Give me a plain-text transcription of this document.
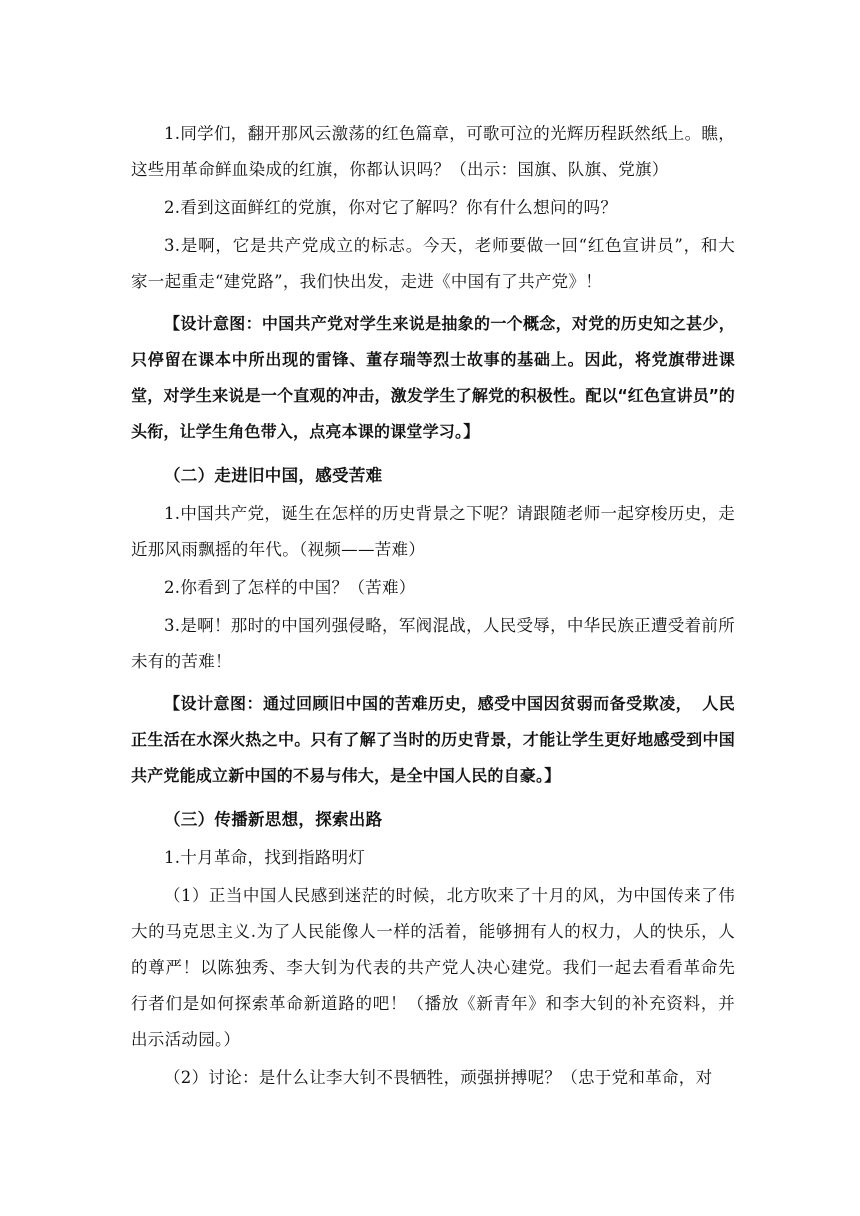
1.同学们，翻开那风云激荡的红色篇章，可歌可泣的光辉历程跃然纸上。瞧，这些用革命鲜血染成的红旗，你都认识吗？（出示：国旗、队旗、党旗）

2.看到这面鲜红的党旗，你对它了解吗？你有什么想问的吗？

3.是啊，它是共产党成立的标志。今天，老师要做一回“红色宣讲员”，和大家一起重走“建党路”，我们快出发，走进《中国有了共产党》！

【设计意图：中国共产党对学生来说是抽象的一个概念，对党的历史知之甚少，只停留在课本中所出现的雷锋、董存瑞等烈士故事的基础上。因此，将党旗带进课堂，对学生来说是一个直观的冲击，激发学生了解党的积极性。配以“红色宣讲员”的头衔，让学生角色带入，点亮本课的课堂学习。】

（二）走进旧中国，感受苦难

1.中国共产党，诞生在怎样的历史背景之下呢？请跟随老师一起穿梭历史，走近那风雨飘摇的年代。（视频——苦难）

2.你看到了怎样的中国？（苦难）

3.是啊！那时的中国列强侵略，军阀混战，人民受辱，中华民族正遭受着前所未有的苦难！

【设计意图：通过回顾旧中国的苦难历史，感受中国因贫弱而备受欺凌， 人民正生活在水深火热之中。只有了解了当时的历史背景，才能让学生更好地感受到中国共产党能成立新中国的不易与伟大，是全中国人民的自豪。】

（三）传播新思想，探索出路

1.十月革命，找到指路明灯

（1）正当中国人民感到迷茫的时候，北方吹来了十月的风，为中国传来了伟大的马克思主义.为了人民能像人一样的活着，能够拥有人的权力，人的快乐，人的尊严！以陈独秀、李大钊为代表的共产党人决心建党。我们一起去看看革命先行者们是如何探索革命新道路的吧！（播放《新青年》和李大钊的补充资料，并出示活动园。）

（2）讨论：是什么让李大钊不畏牺牲，顽强拼搏呢？（忠于党和革命，对
